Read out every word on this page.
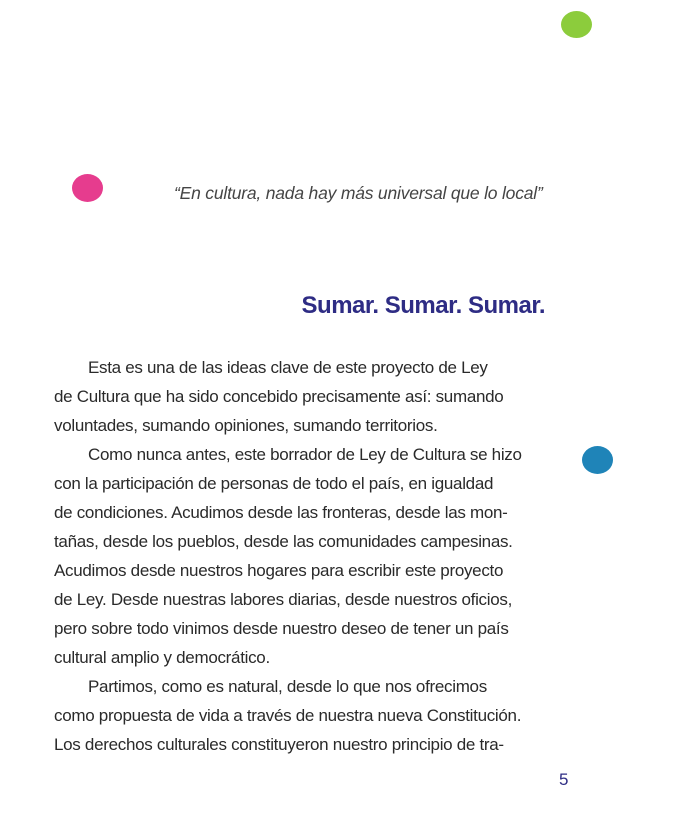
“En cultura, nada hay más universal que lo local”
Sumar. Sumar. Sumar.
Esta es una de las ideas clave de este proyecto de Ley
de Cultura que ha sido concebido precisamente así: sumando
voluntades, sumando opiniones, sumando territorios.
Como nunca antes, este borrador de Ley de Cultura se hizo
con la participación de personas de todo el país, en igualdad
de condiciones. Acudimos desde las fronteras, desde las mon-
tañas, desde los pueblos, desde las comunidades campesinas.
Acudimos desde nuestros hogares para escribir este proyecto
de Ley. Desde nuestras labores diarias, desde nuestros oficios,
pero sobre todo vinimos desde nuestro deseo de tener un país
cultural amplio y democrático.
Partimos, como es natural, desde lo que nos ofrecimos
como propuesta de vida a través de nuestra nueva Constitución.
Los derechos culturales constituyeron nuestro principio de tra-
5
